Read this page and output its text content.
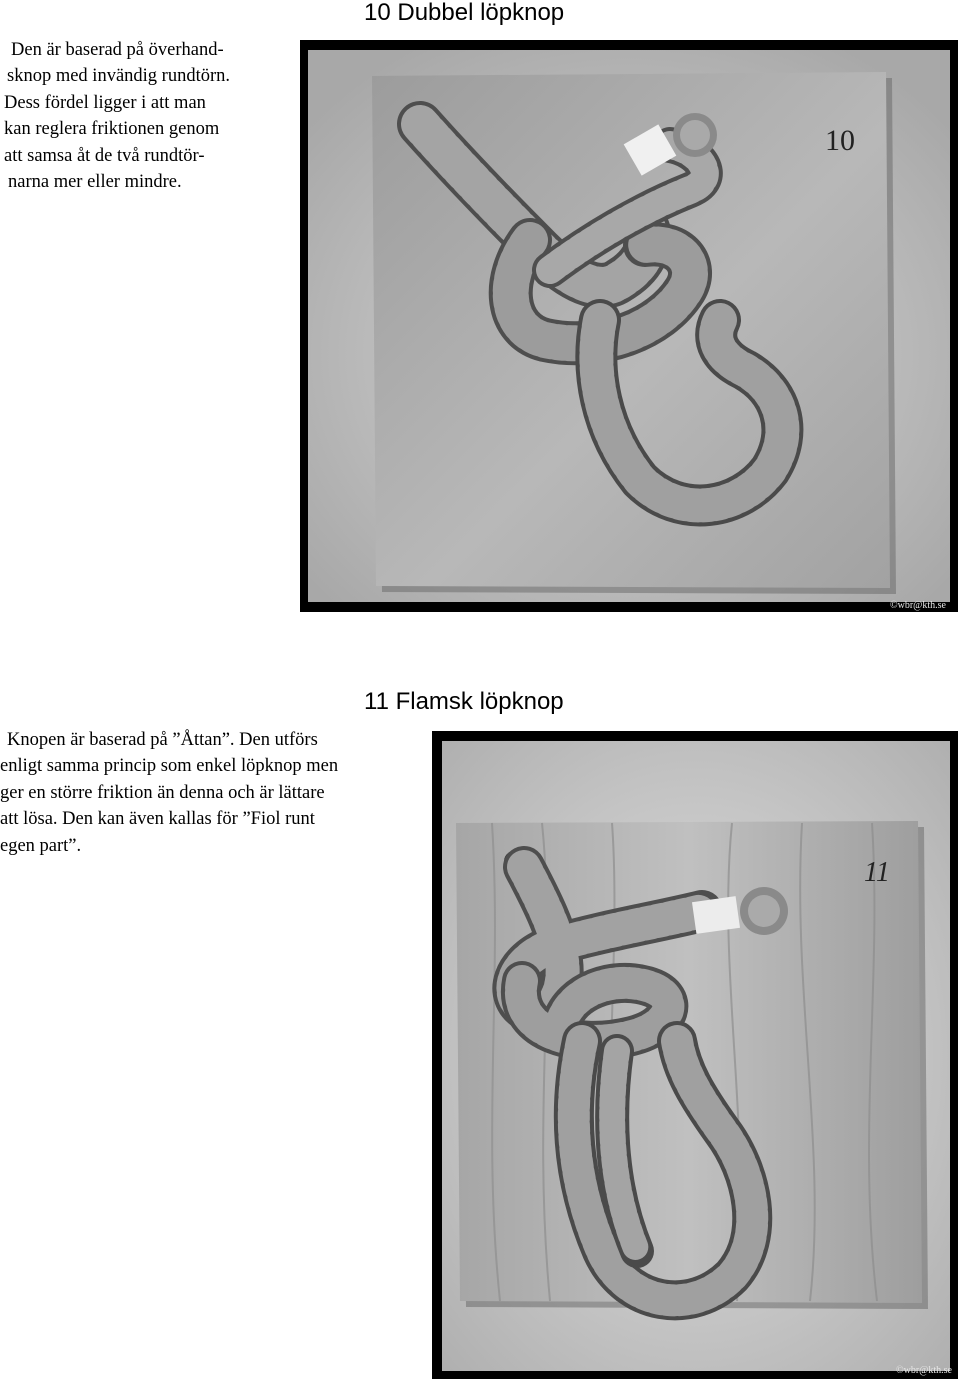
10 Dubbel löpknop
Den är baserad på överhand-
sknop med invändig rundtörn.
Dess fördel ligger i att man
kan reglera friktionen genom
att samsa åt de två rundtör-
narna mer eller mindre.
10
©wbr@kth.se
11 Flamsk löpknop
Knopen är baserad på ”Åttan”. Den utförs
enligt samma princip som enkel löpknop men
ger en större friktion än denna och är lättare
att lösa. Den kan även kallas för ”Fiol runt
egen part”.
11
©wbr@kth.se
